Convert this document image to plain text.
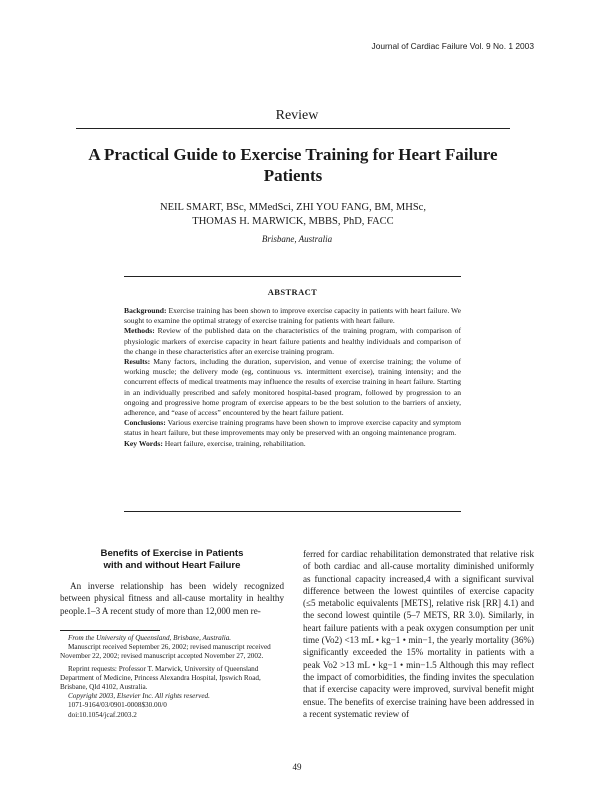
Journal of Cardiac Failure Vol. 9 No. 1 2003
Review
A Practical Guide to Exercise Training for Heart Failure Patients
NEIL SMART, BSc, MMedSci, ZHI YOU FANG, BM, MHSc,
THOMAS H. MARWICK, MBBS, PhD, FACC
Brisbane, Australia
ABSTRACT

Background: Exercise training has been shown to improve exercise capacity in patients with heart failure. We sought to examine the optimal strategy of exercise training for patients with heart failure.

Methods: Review of the published data on the characteristics of the training program, with comparison of physiologic markers of exercise capacity in heart failure patients and healthy individuals and comparison of the change in these characteristics after an exercise training program.

Results: Many factors, including the duration, supervision, and venue of exercise training; the volume of working muscle; the delivery mode (eg, continuous vs. intermittent exercise), training intensity; and the concurrent effects of medical treatments may influence the results of exercise training in heart failure. Starting in an individually prescribed and safely monitored hospital-based program, followed by progression to an ongoing and progressive home program of exercise appears to be the best solution to the barriers of anxiety, adherence, and “ease of access” encountered by the heart failure patient.

Conclusions: Various exercise training programs have been shown to improve exercise capacity and symptom status in heart failure, but these improvements may only be preserved with an ongoing maintenance program.

Key Words: Heart failure, exercise, training, rehabilitation.

Benefits of Exercise in Patients
with and without Heart Failure
An inverse relationship has been widely recognized between physical fitness and all-cause mortality in healthy people.1–3 A recent study of more than 12,000 men re-

From the University of Queensland, Brisbane, Australia.

Manuscript received September 26, 2002; revised manuscript received November 22, 2002; revised manuscript accepted November 27, 2002.

Reprint requests: Professor T. Marwick, University of Queensland Department of Medicine, Princess Alexandra Hospital, Ipswich Road, Brisbane, Qld 4102, Australia.

Copyright 2003, Elsevier Inc. All rights reserved.

1071-9164/03/0901-0008$30.00/0

doi:10.1054/jcaf.2003.2

ferred for cardiac rehabilitation demonstrated that relative risk of both cardiac and all-cause mortality diminished uniformly as functional capacity increased,4 with a significant survival difference between the lowest quintiles of exercise capacity (≤5 metabolic equivalents [METS], relative risk [RR] 4.1) and the second lowest quintile (5–7 METS, RR 3.0). Similarly, in heart failure patients with a peak oxygen consumption per unit time (Vo2) <13 mL • kg−1 • min−1, the yearly mortality (36%) significantly exceeded the 15% mortality in patients with a peak Vo2 >13 mL • kg−1 • min−1.5 Although this may reflect the impact of comorbidities, the finding invites the speculation that if exercise capacity were improved, survival benefit might ensue. The benefits of exercise training have been addressed in a recent systematic review of
49
